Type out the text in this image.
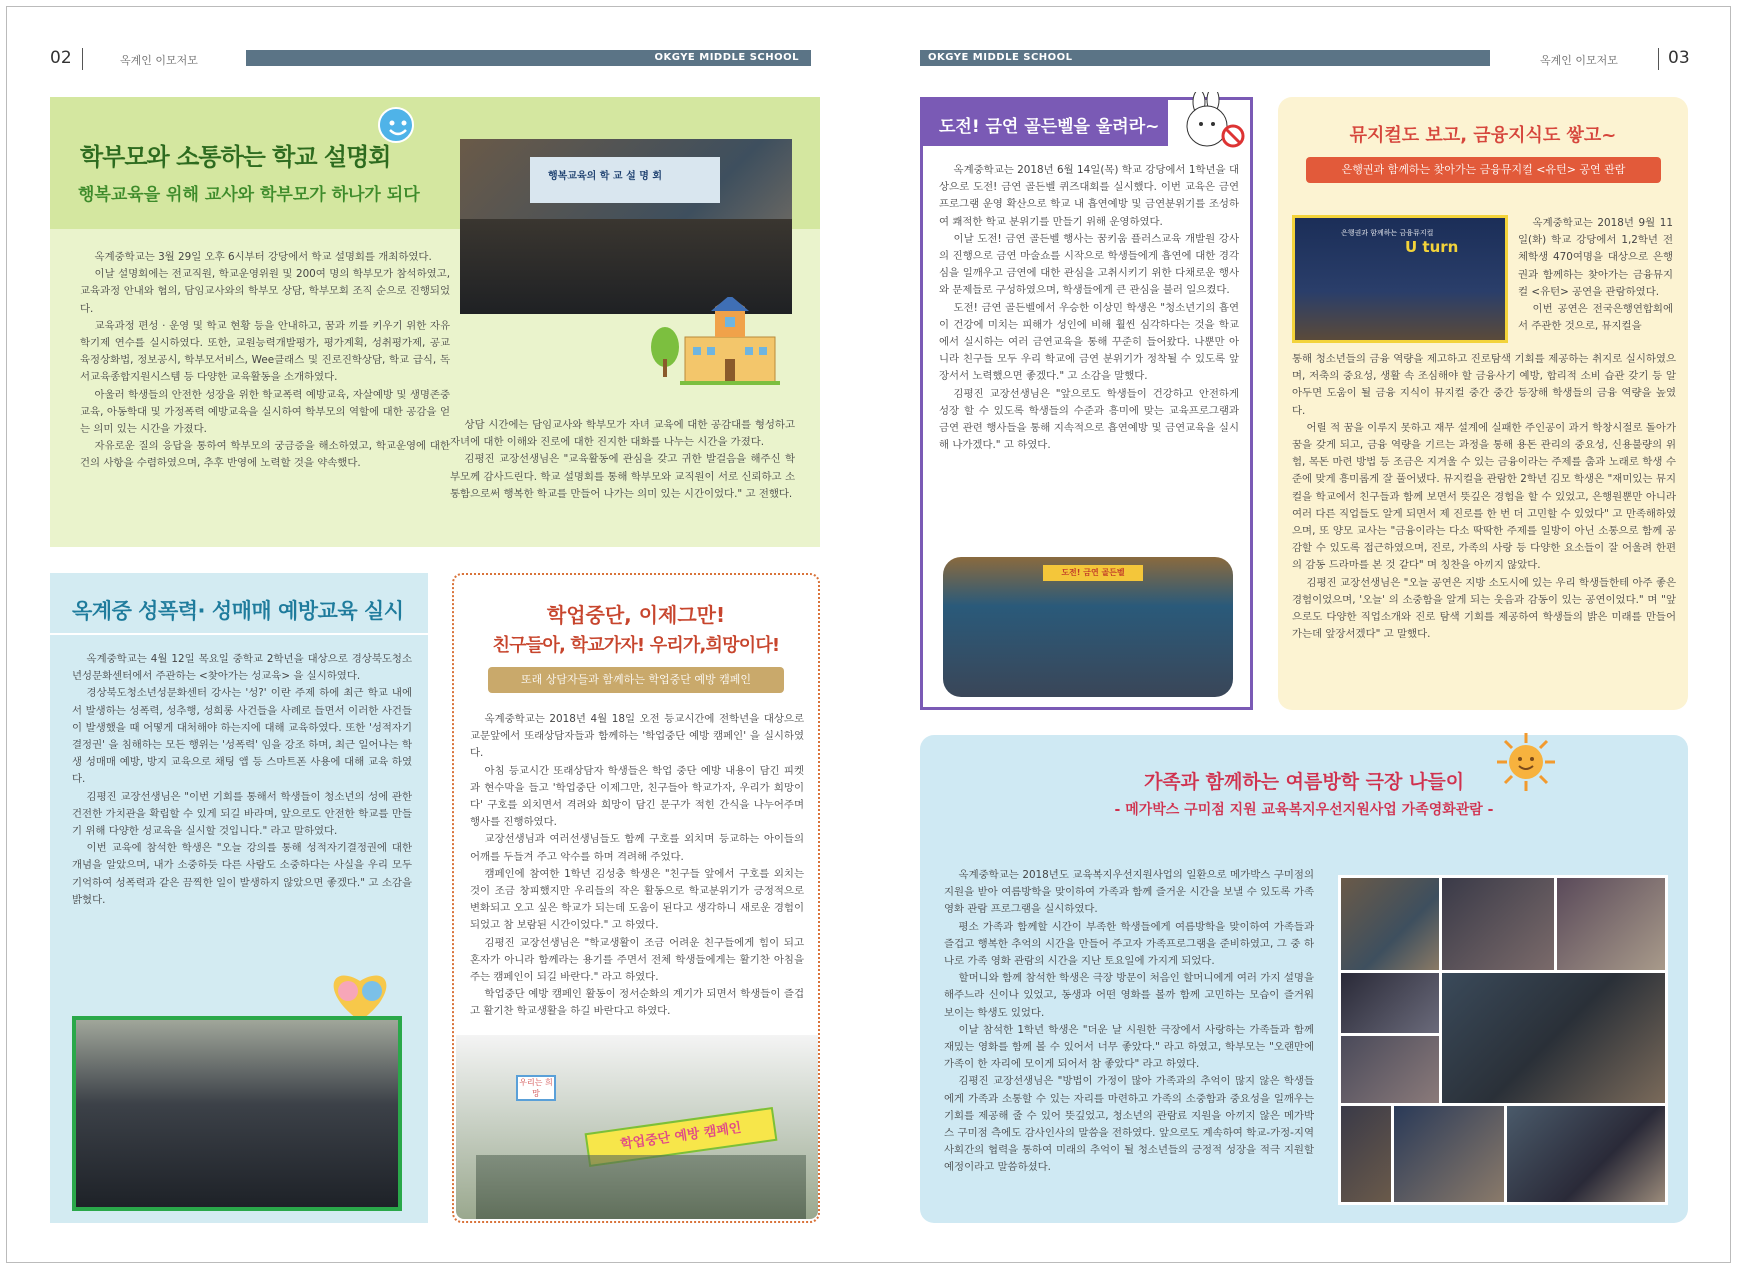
02	옥계인 이모저모	OKGYE MIDDLE SCHOOL	OKGYE MIDDLE SCHOOL	옥계인 이모저모	03
학부모와 소통하는 학교 설명회
행복교육을 위해 교사와 학부모가 하나가 되다
행복교육의 학 교 설 명 회

옥계중학교는 3월 29일 오후 6시부터 강당에서 학교 설명회를 개최하였다.

이날 설명회에는 전교직원, 학교운영위원 및 200여 명의 학부모가 참석하였고, 교육과정 안내와 협의, 담임교사와의 학부모 상담, 학부모회 조직 순으로 진행되었다.

교육과정 편성 · 운영 및 학교 현황 등을 안내하고, 꿈과 끼를 키우기 위한 자유학기제 연수를 실시하였다. 또한, 교원능력개발평가, 평가계획, 성취평가제, 공교육정상화법, 정보공시, 학부모서비스, Wee클래스 및 진로진학상담, 학교 급식, 독서교육종합지원시스템 등 다양한 교육활동을 소개하였다.

아울러 학생들의 안전한 성장을 위한 학교폭력 예방교육, 자살예방 및 생명존중교육, 아동학대 및 가정폭력 예방교육을 실시하여 학부모의 역할에 대한 공감을 얻는 의미 있는 시간을 가졌다.

자유로운 질의 응답을 통하여 학부모의 궁금증을 해소하였고, 학교운영에 대한 건의 사항을 수렴하였으며, 추후 반영에 노력할 것을 약속했다.

상담 시간에는 담임교사와 학부모가 자녀 교육에 대한 공감대를 형성하고 자녀에 대한 이해와 진로에 대한 진지한 대화를 나누는 시간을 가졌다.

김평진 교장선생님은 "교육활동에 관심을 갖고 귀한 발걸음을 해주신 학부모께 감사드린다. 학교 설명회를 통해 학부모와 교직원이 서로 신뢰하고 소통함으로써 행복한 학교를 만들어 나가는 의미 있는 시간이었다." 고 전했다.

옥계중 성폭력· 성매매 예방교육 실시

옥계중학교는 4월 12일 목요일 중학교 2학년을 대상으로 경상북도청소년성문화센터에서 주관하는 <찾아가는 성교육> 을 실시하였다.

경상북도청소년성문화센터 강사는 '성?' 이란 주제 하에 최근 학교 내에서 발생하는 성폭력, 성추행, 성희롱 사건들을 사례로 들면서 이러한 사건들이 발생했을 때 어떻게 대처해야 하는지에 대해 교육하였다. 또한 '성적자기결정권' 을 침해하는 모든 행위는 '성폭력' 임을 강조 하며, 최근 일어나는 학생 성매매 예방, 방지 교육으로 채팅 앱 등 스마트폰 사용에 대해 교육 하였다.

김평진 교장선생님은 "이번 기회를 통해서 학생들이 청소년의 성에 관한 건전한 가치관을 확립할 수 있게 되길 바라며, 앞으로도 안전한 학교를 만들기 위해 다양한 성교육을 실시할 것입니다." 라고 말하였다.

이번 교육에 참석한 학생은 "오늘 강의를 통해 성적자기결정권에 대한 개념을 알았으며, 내가 소중하듯 다른 사람도 소중하다는 사실을 우리 모두 기억하여 성폭력과 같은 끔찍한 일이 발생하지 않았으면 좋겠다." 고 소감을 밝혔다.

학업중단, 이제그만!
친구들아, 학교가자! 우리가,희망이다!
또래 상담자들과 함께하는 학업중단 예방 캠페인

옥계중학교는 2018년 4월 18일 오전 등교시간에 전학년을 대상으로 교문앞에서 또래상담자들과 함께하는 '학업중단 예방 캠페인' 을 실시하였다.

아침 등교시간 또래상담자 학생들은 학업 중단 예방 내용이 담긴 피켓과 현수막을 들고 '학업중단 이제그만, 친구들아 학교가자, 우리가 희망이다' 구호를 외치면서 격려와 희망이 담긴 문구가 적힌 간식을 나누어주며 행사를 진행하였다.

교장선생님과 여러선생님들도 함께 구호를 외치며 등교하는 아이들의 어깨를 두들겨 주고 악수를 하며 격려해 주었다.

캠페인에 참여한 1학년 김성충 학생은 "친구들 앞에서 구호를 외치는 것이 조금 창피했지만 우리들의 작은 활동으로 학교분위기가 긍정적으로 변화되고 오고 싶은 학교가 되는데 도움이 된다고 생각하니 새로운 경험이 되었고 참 보람된 시간이었다." 고 하였다.

김평진 교장선생님은 "학교생활이 조금 어려운 친구들에게 힘이 되고 혼자가 아니라 함께라는 용기를 주면서 전체 학생들에게는 활기찬 아침을 주는 캠페인이 되길 바란다." 라고 하였다.

학업중단 예방 캠페인 활동이 정서순화의 계기가 되면서 학생들이 즐겁고 활기찬 학교생활을 하길 바란다고 하였다.

우리는 희망
학업중단 예방 캠페인
도전! 금연 골든벨을 울려라~

옥계중학교는 2018년 6월 14일(목) 학교 강당에서 1학년을 대상으로 도전! 금연 골든벨 퀴즈대회를 실시했다. 이번 교육은 금연프로그램 운영 확산으로 학교 내 흡연예방 및 금연분위기를 조성하여 쾌적한 학교 분위기를 만들기 위해 운영하였다.

이날 도전! 금연 골든벨 행사는 꿈키움 플러스교육 개발원 강사의 진행으로 금연 마술쇼를 시작으로 학생들에게 흡연에 대한 경각심을 일깨우고 금연에 대한 관심을 고취시키기 위한 다채로운 행사와 문제들로 구성하였으며, 학생들에게 큰 관심을 불러 일으켰다.

도전! 금연 골든벨에서 우승한 이상민 학생은 "청소년기의 흡연이 건강에 미치는 피해가 성인에 비해 훨씬 심각하다는 것을 학교에서 실시하는 여러 금연교육을 통해 꾸준히 들어왔다. 나뿐만 아니라 친구들 모두 우리 학교에 금연 분위기가 정착될 수 있도록 앞장서서 노력했으면 좋겠다." 고 소감을 말했다.

김평진 교장선생님은 "앞으로도 학생들이 건강하고 안전하게 성장 할 수 있도록 학생들의 수준과 흥미에 맞는 교육프로그램과 금연 관련 행사들을 통해 지속적으로 흡연예방 및 금연교육을 실시해 나가겠다." 고 하였다.

도전! 금연 골든벨
뮤지컬도 보고, 금융지식도 쌓고~
은행권과 함께하는 찾아가는 금융뮤지컬 <유턴> 공연 관람
은행권과 함께하는 금융뮤지컬
U turn

옥계중학교는 2018년 9월 11일(화) 학교 강당에서 1,2학년 전체학생 470여명을 대상으로 은행권과 함께하는 찾아가는 금융뮤지컬 <유턴> 공연을 관람하였다.

이번 공연은 전국은행연합회에서 주관한 것으로, 뮤지컬을

통해 청소년들의 금융 역량을 제고하고 진로탐색 기회를 제공하는 취지로 실시하였으며, 저축의 중요성, 생활 속 조심해야 할 금융사기 예방, 합리적 소비 습관 갖기 등 알아두면 도움이 될 금융 지식이 뮤지컬 중간 중간 등장해 학생들의 금융 역량을 높였다.

어릴 적 꿈을 이루지 못하고 재무 설계에 실패한 주인공이 과거 학창시절로 돌아가 꿈을 갖게 되고, 금융 역량을 기르는 과정을 통해 용돈 관리의 중요성, 신용불량의 위험, 목돈 마련 방법 등 조금은 지겨울 수 있는 금융이라는 주제를 춤과 노래로 학생 수준에 맞게 흥미롭게 잘 풀어냈다. 뮤지컬을 관람한 2학년 김모 학생은 "재미있는 뮤지컬을 학교에서 친구들과 함께 보면서 뜻깊은 경험을 할 수 있었고, 은행원뿐만 아니라 여러 다른 직업들도 알게 되면서 제 진로를 한 번 더 고민할 수 있었다" 고 만족해하였으며, 또 양모 교사는 "금융이라는 다소 딱딱한 주제를 일방이 아닌 소통으로 함께 공감할 수 있도록 접근하였으며, 진로, 가족의 사랑 등 다양한 요소들이 잘 어울려 한편의 감동 드라마를 본 것 같다" 며 칭찬을 아끼지 않았다.

김평진 교장선생님은 "오늘 공연은 지방 소도시에 있는 우리 학생들한테 아주 좋은 경험이었으며, '오늘' 의 소중함을 알게 되는 웃음과 감동이 있는 공연이었다." 며 "앞으로도 다양한 직업소개와 진로 탐색 기회를 제공하여 학생들의 밝은 미래를 만들어 가는데 앞장서겠다" 고 말했다.

가족과 함께하는 여름방학 극장 나들이
- 메가박스 구미점 지원 교육복지우선지원사업 가족영화관람 -

옥계중학교는 2018년도 교육복지우선지원사업의 일환으로 메가박스 구미점의 지원을 받아 여름방학을 맞이하여 가족과 함께 즐거운 시간을 보낼 수 있도록 가족 영화 관람 프로그램을 실시하였다.

평소 가족과 함께할 시간이 부족한 학생들에게 여름방학을 맞이하여 가족들과 즐겁고 행복한 추억의 시간을 만들어 주고자 가족프로그램을 준비하였고, 그 중 하나로 가족 영화 관람의 시간을 지난 토요일에 가지게 되었다.

할머니와 함께 참석한 학생은 극장 방문이 처음인 할머니에게 여러 가지 설명을 해주느라 신이나 있었고, 동생과 어떤 영화를 볼까 함께 고민하는 모습이 즐거워 보이는 학생도 있었다.

이날 참석한 1학년 학생은 "더운 날 시원한 극장에서 사랑하는 가족들과 함께 재밌는 영화를 함께 볼 수 있어서 너무 좋았다." 라고 하였고, 학부모는 "오랜만에 가족이 한 자리에 모이게 되어서 참 좋았다" 라고 하였다.

김평진 교장선생님은 "방법이 가정이 많아 가족과의 추억이 많지 않은 학생들에게 가족과 소통할 수 있는 자리를 마련하고 가족의 소중함과 중요성을 일깨우는 기회를 제공해 줄 수 있어 뜻깊었고, 청소년의 관람료 지원을 아끼지 않은 메가박스 구미점 측에도 감사인사의 말씀을 전하였다. 앞으로도 계속하여 학교-가정-지역사회간의 협력을 통하여 미래의 추억이 될 청소년들의 긍정적 성장을 적극 지원할 예정이라고 말씀하셨다.
